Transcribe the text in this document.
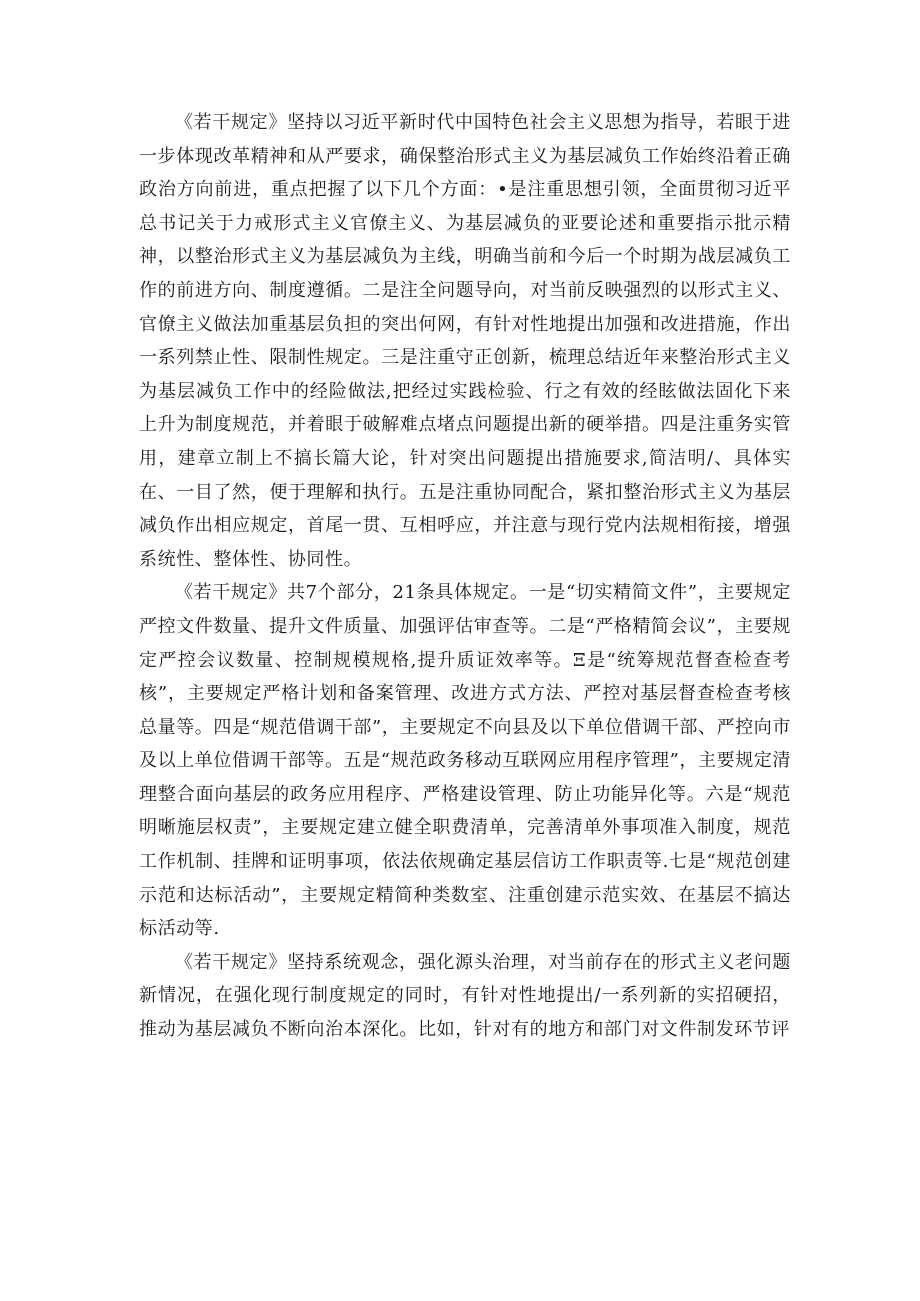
《若干规定》坚持以习近平新时代中国特色社会主义思想为指导，若眼于进一步体现改革精神和从严要求，确保整治形式主义为基层减负工作始终沿着正确政治方向前进，重点把握了以下几个方面：•是注重思想引领，全面贯彻习近平总书记关于力戒形式主义官僚主义、为基层减负的亚要论述和重要指示批示精神，以整治形式主义为基层减负为主线，明确当前和今后一个时期为战层减负工作的前进方向、制度遵循。二是注全问题导向，对当前反映强烈的以形式主义、官僚主义做法加重基层负担的突出何网，有针对性地提出加强和改进措施，作出一系列禁止性、限制性规定。三是注重守正创新，梳理总结近年来整治形式主义为基层减负工作中的经险做法,把经过实践检验、行之有效的经眩做法固化下来上升为制度规范，并着眼于破解难点堵点问题提出新的硬举措。四是注重务实管用，建章立制上不搞长篇大论，针对突出问题提出措施要求,简洁明/、具体实在、一目了然，便于理解和执行。五是注重协同配合，紧扣整治形式主义为基层减负作出相应规定，首尾一贯、互相呼应，并注意与现行党内法规相衔接，增强系统性、整体性、协同性。

《若干规定》共7个部分，21条具体规定。一是“切实精简文件”，主要规定严控文件数量、提升文件质量、加强评估审查等。二是“严格精简会议”，主要规定严控会议数量、控制规模规格,提升质证效率等。Ξ是“统筹规范督查检查考核”，主要规定严格计划和备案管理、改进方式方法、严控对基层督查检查考核总量等。四是“规范借调干部”，主要规定不向县及以下单位借调干部、严控向市及以上单位借调干部等。五是“规范政务移动互联网应用程序管理”，主要规定清理整合面向基层的政务应用程序、严格建设管理、防止功能异化等。六是“规范明晰施层权责”，主要规定建立健全职费清单，完善清单外事项准入制度，规范工作机制、挂牌和证明事项，依法依规确定基层信访工作职责等.七是“规范创建示范和达标活动”，主要规定精简种类数室、注重创建示范实效、在基层不搞达标活动等.

《若干规定》坚持系统观念，强化源头治理，对当前存在的形式主义老问题新情况，在强化现行制度规定的同时，有针对性地提出/一系列新的实招硬招，推动为基层减负不断向治本深化。比如，针对有的地方和部门对文件制发环节评
